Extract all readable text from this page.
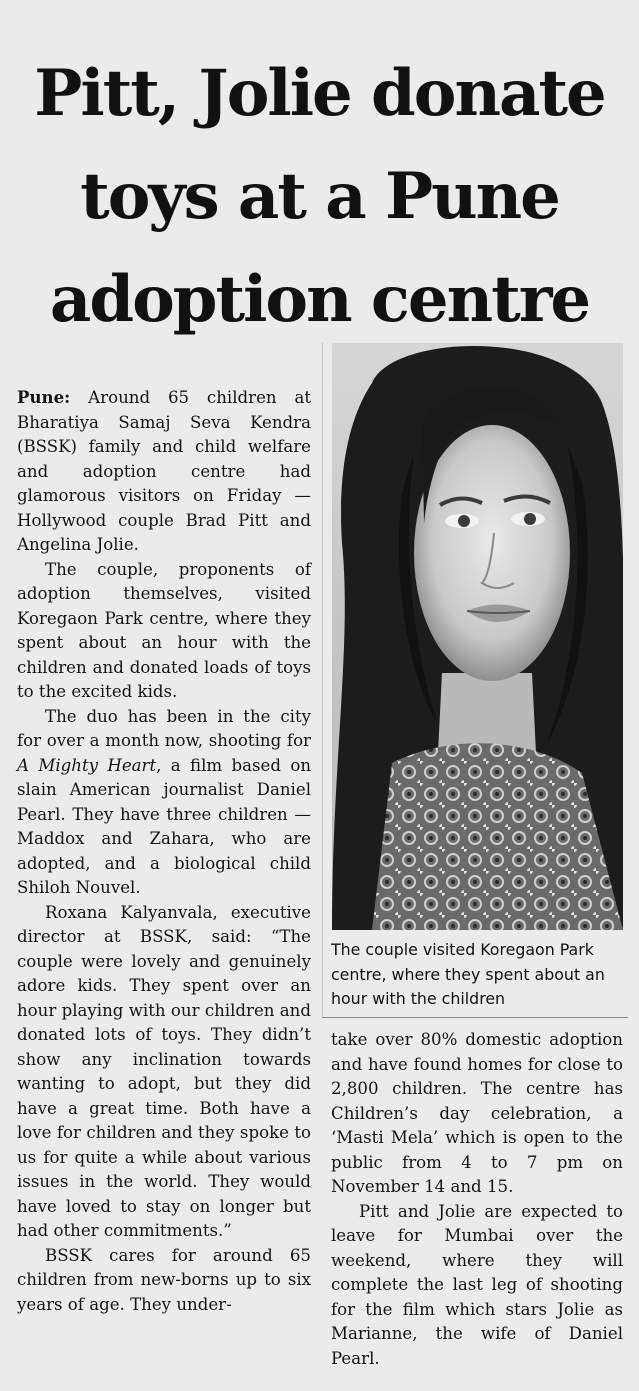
Pitt, Jolie donate
toys at a Pune
adoption centre

Pune: Around 65 children at Bharatiya Samaj Seva Kendra (BSSK) family and child welfare and adoption centre had glamorous visitors on Friday — Hollywood couple Brad Pitt and Angelina Jolie.

The couple, proponents of adoption themselves, visited Koregaon Park centre, where they spent about an hour with the children and donated loads of toys to the excited kids.

The duo has been in the city for over a month now, shooting for A Mighty Heart, a film based on slain American journalist Daniel Pearl. They have three children — Maddox and Zahara, who are adopted, and a biological child Shiloh Nouvel.

Roxana Kalyanvala, executive director at BSSK, said: “The couple were lovely and genuinely adore kids. They spent over an hour playing with our children and donated lots of toys. They didn’t show any inclination towards wanting to adopt, but they did have a great time. Both have a love for children and they spoke to us for quite a while about various issues in the world. They would have loved to stay on longer but had other commitments.”

BSSK cares for around 65 children from new-borns up to six years of age. They under-

The couple visited Koregaon Park centre, where they spent about an hour with the children

take over 80% domestic adoption and have found homes for close to 2,800 children. The centre has Children’s day celebration, a ‘Masti Mela’ which is open to the public from 4 to 7 pm on November 14 and 15.

Pitt and Jolie are expected to leave for Mumbai over the weekend, where they will complete the last leg of shooting for the film which stars Jolie as Marianne, the wife of Daniel Pearl.
